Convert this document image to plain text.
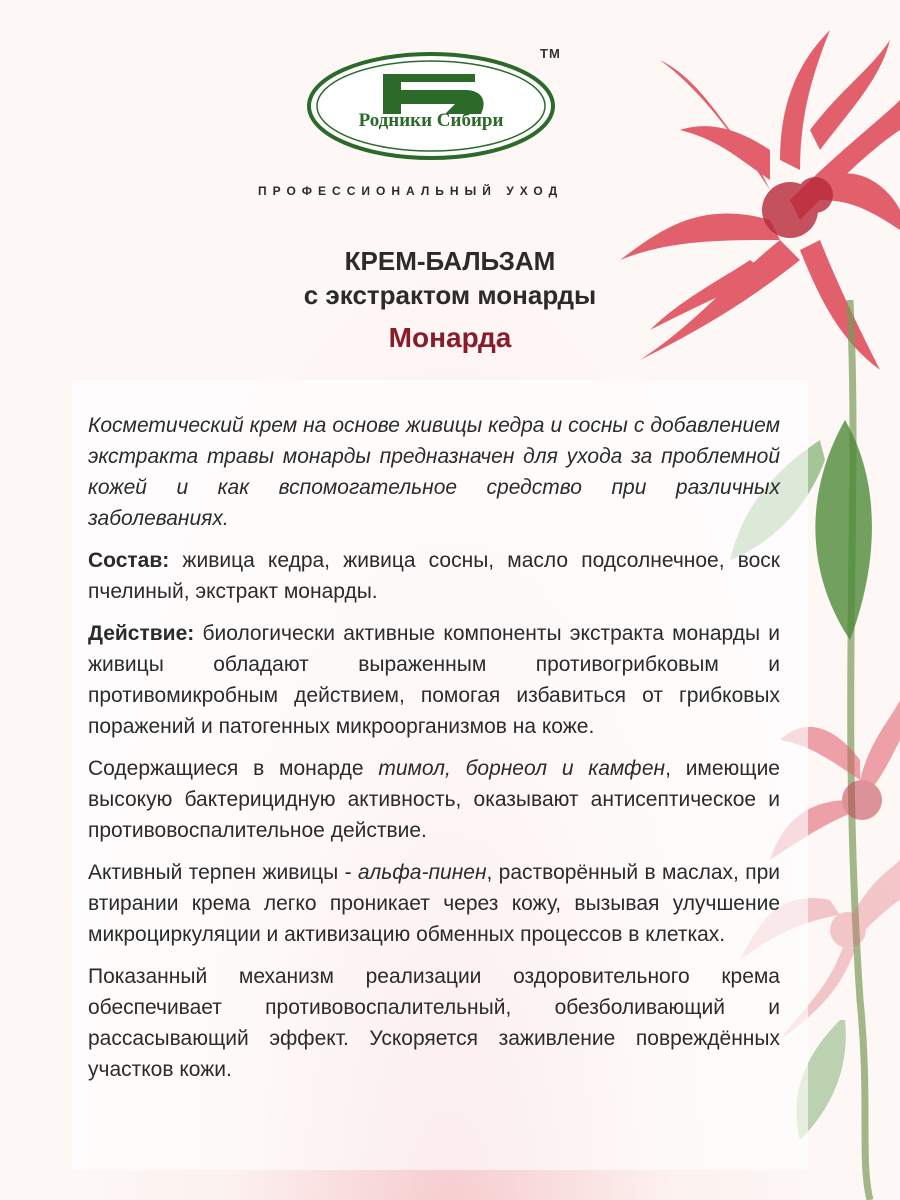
TM
Родники Сибири
ПРОФЕССИОНАЛЬНЫЙ УХОД
КРЕМ-БАЛЬЗАМ
с экстрактом монарды
Монарда

Косметический крем на основе живицы кедра и сосны с добавлением экстракта травы монарды предназначен для ухода за проблемной кожей и как вспомогательное средство при различных заболеваниях.

Состав: живица кедра, живица сосны, масло подсолнечное, воск пчелиный, экстракт монарды.

Действие: биологически активные компоненты экстракта монарды и живицы обладают выраженным противогрибковым и противомикробным действием, помогая избавиться от грибковых поражений и патогенных микроорганизмов на коже.

Содержащиеся в монарде тимол, борнеол и камфен, имеющие высокую бактерицидную активность, оказывают антисептическое и противовоспалительное действие.

Активный терпен живицы - альфа-пинен, растворённый в маслах, при втирании крема легко проникает через кожу, вызывая улучшение микроциркуляции и активизацию обменных процессов в клетках.

Показанный механизм реализации оздоровительного крема обеспечивает противовоспалительный, обезболивающий и рассасывающий эффект. Ускоряется заживление повреждённых участков кожи.
